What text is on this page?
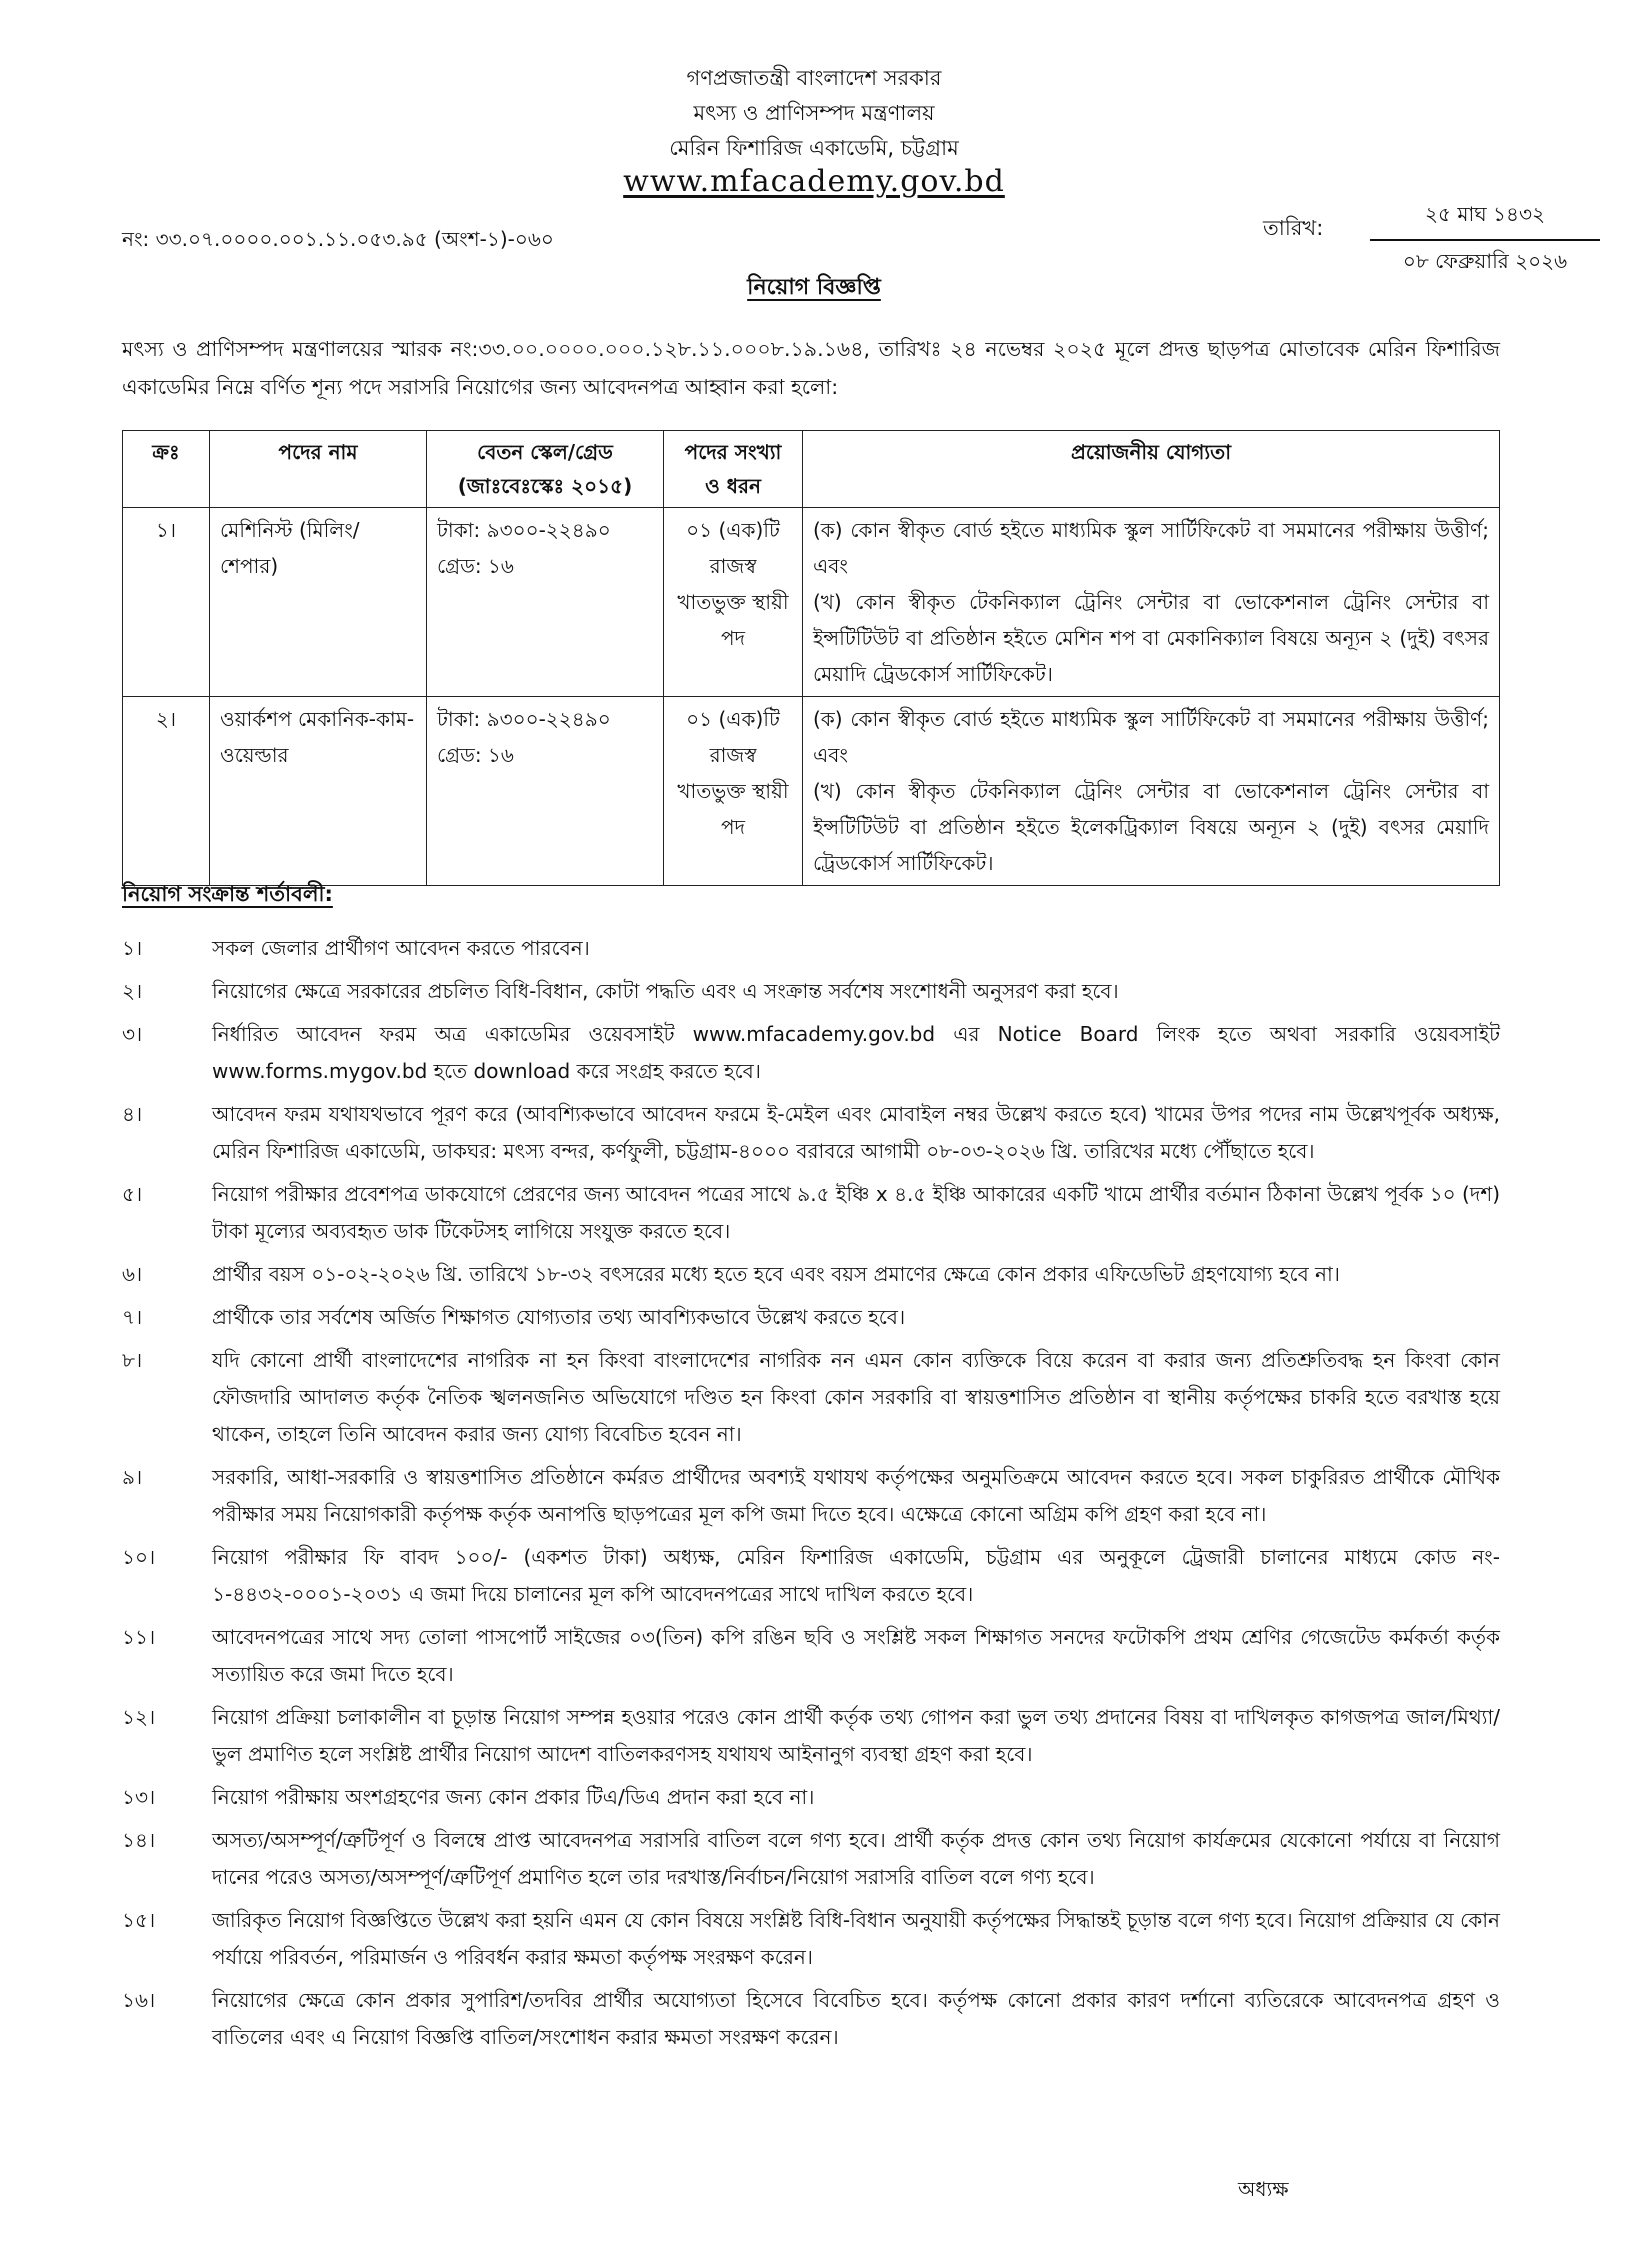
গণপ্রজাতন্ত্রী বাংলাদেশ সরকার
মৎস্য ও প্রাণিসম্পদ মন্ত্রণালয়
মেরিন ফিশারিজ একাডেমি, চট্টগ্রাম
www.mfacademy.gov.bd
নং: ৩৩.০৭.০০০০.০০১.১১.০৫৩.৯৫ (অংশ-১)-০৬০	তারিখ:
২৫ মাঘ ১৪৩২
০৮ ফেব্রুয়ারি ২০২৬
নিয়োগ বিজ্ঞপ্তি
মৎস্য ও প্রাণিসম্পদ মন্ত্রণালয়ের স্মারক নং:৩৩.০০.০০০০.০০০.১২৮.১১.০০০৮.১৯.১৬৪, তারিখঃ ২৪ নভেম্বর ২০২৫ মূলে প্রদত্ত ছাড়পত্র মোতাবেক মেরিন ফিশারিজ একাডেমির নিম্নে বর্ণিত শূন্য পদে সরাসরি নিয়োগের জন্য আবেদনপত্র আহ্বান করা হলো:
ক্রঃ	পদের নাম	বেতন স্কেল/গ্রেড (জাঃবেঃস্কেঃ ২০১৫)	পদের সংখ্যা ও ধরন	প্রয়োজনীয় যোগ্যতা
১।	মেশিনিস্ট (মিলিং/শেপার)	টাকা: ৯৩০০-২২৪৯০ গ্রেড: ১৬	০১ (এক)টি রাজস্ব খাতভুক্ত স্থায়ী পদ	(ক) কোন স্বীকৃত বোর্ড হইতে মাধ্যমিক স্কুল সার্টিফিকেট বা সমমানের পরীক্ষায় উত্তীর্ণ; এবং
(খ) কোন স্বীকৃত টেকনিক্যাল ট্রেনিং সেন্টার বা ভোকেশনাল ট্রেনিং সেন্টার বা ইন্সটিটিউট বা প্রতিষ্ঠান হইতে মেশিন শপ বা মেকানিক্যাল বিষয়ে অন্যূন ২ (দুই) বৎসর মেয়াদি ট্রেডকোর্স সার্টিফিকেট।

২।	ওয়ার্কশপ মেকানিক-কাম-ওয়েল্ডার	টাকা: ৯৩০০-২২৪৯০ গ্রেড: ১৬	০১ (এক)টি রাজস্ব খাতভুক্ত স্থায়ী পদ	(ক) কোন স্বীকৃত বোর্ড হইতে মাধ্যমিক স্কুল সার্টিফিকেট বা সমমানের পরীক্ষায় উত্তীর্ণ; এবং
(খ) কোন স্বীকৃত টেকনিক্যাল ট্রেনিং সেন্টার বা ভোকেশনাল ট্রেনিং সেন্টার বা ইন্সটিটিউট বা প্রতিষ্ঠান হইতে ইলেকট্রিক্যাল বিষয়ে অন্যূন ২ (দুই) বৎসর মেয়াদি ট্রেডকোর্স সার্টিফিকেট।
নিয়োগ সংক্রান্ত শর্তাবলী:
১।	সকল জেলার প্রার্থীগণ আবেদন করতে পারবেন।
২।	নিয়োগের ক্ষেত্রে সরকারের প্রচলিত বিধি-বিধান, কোটা পদ্ধতি এবং এ সংক্রান্ত সর্বশেষ সংশোধনী অনুসরণ করা হবে।
৩।	নির্ধারিত আবেদন ফরম অত্র একাডেমির ওয়েবসাইট www.mfacademy.gov.bd এর Notice Board লিংক হতে অথবা সরকারি ওয়েবসাইট www.forms.mygov.bd হতে download করে সংগ্রহ করতে হবে।
৪।	আবেদন ফরম যথাযথভাবে পূরণ করে (আবশ্যিকভাবে আবেদন ফরমে ই-মেইল এবং মোবাইল নম্বর উল্লেখ করতে হবে) খামের উপর পদের নাম উল্লেখপূর্বক অধ্যক্ষ, মেরিন ফিশারিজ একাডেমি, ডাকঘর: মৎস্য বন্দর, কর্ণফুলী, চট্টগ্রাম-৪০০০ বরাবরে আগামী ০৮-০৩-২০২৬ খ্রি. তারিখের মধ্যে পৌঁছাতে হবে।
৫।	নিয়োগ পরীক্ষার প্রবেশপত্র ডাকযোগে প্রেরণের জন্য আবেদন পত্রের সাথে ৯.৫ ইঞ্চি x ৪.৫ ইঞ্চি আকারের একটি খামে প্রার্থীর বর্তমান ঠিকানা উল্লেখ পূর্বক ১০ (দশ) টাকা মূল্যের অব্যবহৃত ডাক টিকেটসহ লাগিয়ে সংযুক্ত করতে হবে।
৬।	প্রার্থীর বয়স ০১-০২-২০২৬ খ্রি. তারিখে ১৮-৩২ বৎসরের মধ্যে হতে হবে এবং বয়স প্রমাণের ক্ষেত্রে কোন প্রকার এফিডেভিট গ্রহণযোগ্য হবে না।
৭।	প্রার্থীকে তার সর্বশেষ অর্জিত শিক্ষাগত যোগ্যতার তথ্য আবশ্যিকভাবে উল্লেখ করতে হবে।
৮।	যদি কোনো প্রার্থী বাংলাদেশের নাগরিক না হন কিংবা বাংলাদেশের নাগরিক নন এমন কোন ব্যক্তিকে বিয়ে করেন বা করার জন্য প্রতিশ্রুতিবদ্ধ হন কিংবা কোন ফৌজদারি আদালত কর্তৃক নৈতিক স্খলনজনিত অভিযোগে দণ্ডিত হন কিংবা কোন সরকারি বা স্বায়ত্তশাসিত প্রতিষ্ঠান বা স্থানীয় কর্তৃপক্ষের চাকরি হতে বরখাস্ত হয়ে থাকেন, তাহলে তিনি আবেদন করার জন্য যোগ্য বিবেচিত হবেন না।
৯।	সরকারি, আধা-সরকারি ও স্বায়ত্তশাসিত প্রতিষ্ঠানে কর্মরত প্রার্থীদের অবশ্যই যথাযথ কর্তৃপক্ষের অনুমতিক্রমে আবেদন করতে হবে। সকল চাকুরিরত প্রার্থীকে মৌখিক পরীক্ষার সময় নিয়োগকারী কর্তৃপক্ষ কর্তৃক অনাপত্তি ছাড়পত্রের মূল কপি জমা দিতে হবে। এক্ষেত্রে কোনো অগ্রিম কপি গ্রহণ করা হবে না।
১০।	নিয়োগ পরীক্ষার ফি বাবদ ১০০/- (একশত টাকা) অধ্যক্ষ, মেরিন ফিশারিজ একাডেমি, চট্টগ্রাম এর অনুকূলে ট্রেজারী চালানের মাধ্যমে কোড নং- ১-৪৪৩২-০০০১-২০৩১ এ জমা দিয়ে চালানের মূল কপি আবেদনপত্রের সাথে দাখিল করতে হবে।
১১।	আবেদনপত্রের সাথে সদ্য তোলা পাসপোর্ট সাইজের ০৩(তিন) কপি রঙিন ছবি ও সংশ্লিষ্ট সকল শিক্ষাগত সনদের ফটোকপি প্রথম শ্রেণির গেজেটেড কর্মকর্তা কর্তৃক সত্যায়িত করে জমা দিতে হবে।
১২।	নিয়োগ প্রক্রিয়া চলাকালীন বা চূড়ান্ত নিয়োগ সম্পন্ন হওয়ার পরেও কোন প্রার্থী কর্তৃক তথ্য গোপন করা ভুল তথ্য প্রদানের বিষয় বা দাখিলকৃত কাগজপত্র জাল/মিথ্যা/ভুল প্রমাণিত হলে সংশ্লিষ্ট প্রার্থীর নিয়োগ আদেশ বাতিলকরণসহ যথাযথ আইনানুগ ব্যবস্থা গ্রহণ করা হবে।
১৩।	নিয়োগ পরীক্ষায় অংশগ্রহণের জন্য কোন প্রকার টিএ/ডিএ প্রদান করা হবে না।
১৪।	অসত্য/অসম্পূর্ণ/ত্রুটিপূর্ণ ও বিলম্বে প্রাপ্ত আবেদনপত্র সরাসরি বাতিল বলে গণ্য হবে। প্রার্থী কর্তৃক প্রদত্ত কোন তথ্য নিয়োগ কার্যক্রমের যেকোনো পর্যায়ে বা নিয়োগ দানের পরেও অসত্য/অসম্পূর্ণ/ত্রুটিপূর্ণ প্রমাণিত হলে তার দরখাস্ত/নির্বাচন/নিয়োগ সরাসরি বাতিল বলে গণ্য হবে।
১৫।	জারিকৃত নিয়োগ বিজ্ঞপ্তিতে উল্লেখ করা হয়নি এমন যে কোন বিষয়ে সংশ্লিষ্ট বিধি-বিধান অনুযায়ী কর্তৃপক্ষের সিদ্ধান্তই চূড়ান্ত বলে গণ্য হবে। নিয়োগ প্রক্রিয়ার যে কোন পর্যায়ে পরিবর্তন, পরিমার্জন ও পরিবর্ধন করার ক্ষমতা কর্তৃপক্ষ সংরক্ষণ করেন।
১৬।	নিয়োগের ক্ষেত্রে কোন প্রকার সুপারিশ/তদবির প্রার্থীর অযোগ্যতা হিসেবে বিবেচিত হবে। কর্তৃপক্ষ কোনো প্রকার কারণ দর্শানো ব্যতিরেকে আবেদনপত্র গ্রহণ ও বাতিলের এবং এ নিয়োগ বিজ্ঞপ্তি বাতিল/সংশোধন করার ক্ষমতা সংরক্ষণ করেন।
অধ্যক্ষ
